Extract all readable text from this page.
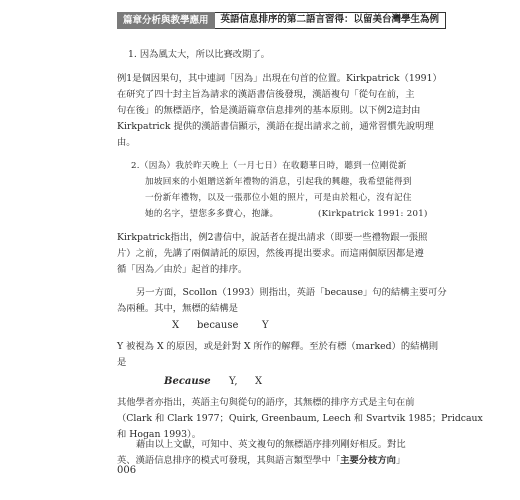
篇章分析與教學應用	英語信息排序的第二語言習得：以留美台灣學生為例
1. 因為風太大，所以比賽改期了。
例1是個因果句，其中連詞「因為」出現在句首的位置。Kirkpatrick（1991）
在研究了四十封主旨為請求的漢語書信後發現，漢語複句「從句在前，主
句在後」的無標語序，恰是漢語篇章信息排列的基本原則。以下例2這封由
Kirkpatrick 提供的漢語書信顯示，漢語在提出請求之前，通常習慣先說明理
由。
2.（因為）我於昨天晚上（一月七日）在收聽華日時，聽到一位剛從新
加坡回來的小姐贈送新年禮物的消息，引起我的興趣，我希望能得到
一份新年禮物，以及一張那位小姐的照片，可是由於粗心，沒有記住
她的名字，望您多多費心，抱謙。	(Kirkpatrick 1991: 201)
Kirkpatrick指出，例2書信中，說話者在提出請求（即要一些禮物跟一張照
片）之前，先講了兩個請託的原因，然後再提出要求。而這兩個原因都是遵
循「因為／由於」起首的排序。
另一方面，Scollon（1993）則指出，英語「because」句的結構主要可分
為兩種。其中，無標的結構是
X because Y
Y 被視為 X 的原因，或是針對 X 所作的解釋。至於有標（marked）的結構則
是
Because Y, X
其他學者亦指出，英語主句與從句的語序，其無標的排序方式是主句在前
（Clark 和 Clark 1977；Quirk, Greenbaum, Leech 和 Svartvik 1985；Pridcaux
和 Hogan 1993）。
藉由以上文獻，可知中、英文複句的無標語序排列剛好相反。對比
英、漢語信息排序的模式可發現，其與語言類型學中「主要分枝方向」
006
